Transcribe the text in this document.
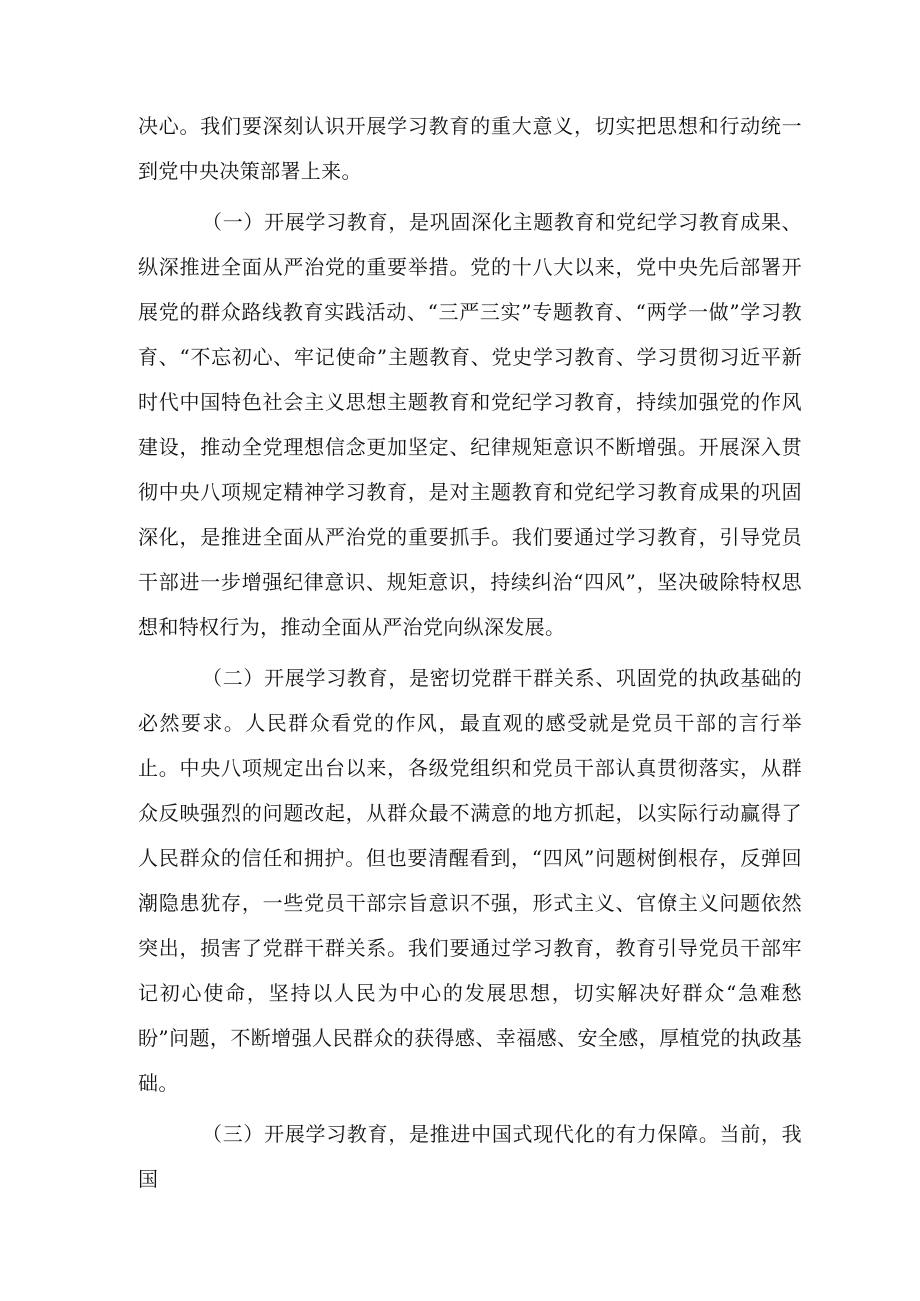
决心。我们要深刻认识开展学习教育的重大意义，切实把思想和行动统一到党中央决策部署上来。

（一）开展学习教育，是巩固深化主题教育和党纪学习教育成果、纵深推进全面从严治党的重要举措。党的十八大以来，党中央先后部署开展党的群众路线教育实践活动、“三严三实”专题教育、“两学一做”学习教育、“不忘初心、牢记使命”主题教育、党史学习教育、学习贯彻习近平新时代中国特色社会主义思想主题教育和党纪学习教育，持续加强党的作风建设，推动全党理想信念更加坚定、纪律规矩意识不断增强。开展深入贯彻中央八项规定精神学习教育，是对主题教育和党纪学习教育成果的巩固深化，是推进全面从严治党的重要抓手。我们要通过学习教育，引导党员干部进一步增强纪律意识、规矩意识，持续纠治“四风”，坚决破除特权思想和特权行为，推动全面从严治党向纵深发展。

（二）开展学习教育，是密切党群干群关系、巩固党的执政基础的必然要求。人民群众看党的作风，最直观的感受就是党员干部的言行举止。中央八项规定出台以来，各级党组织和党员干部认真贯彻落实，从群众反映强烈的问题改起，从群众最不满意的地方抓起，以实际行动赢得了人民群众的信任和拥护。但也要清醒看到，“四风”问题树倒根存，反弹回潮隐患犹存，一些党员干部宗旨意识不强，形式主义、官僚主义问题依然突出，损害了党群干群关系。我们要通过学习教育，教育引导党员干部牢记初心使命，坚持以人民为中心的发展思想，切实解决好群众“急难愁盼”问题，不断增强人民群众的获得感、幸福感、安全感，厚植党的执政基础。

（三）开展学习教育，是推进中国式现代化的有力保障。当前，我国
